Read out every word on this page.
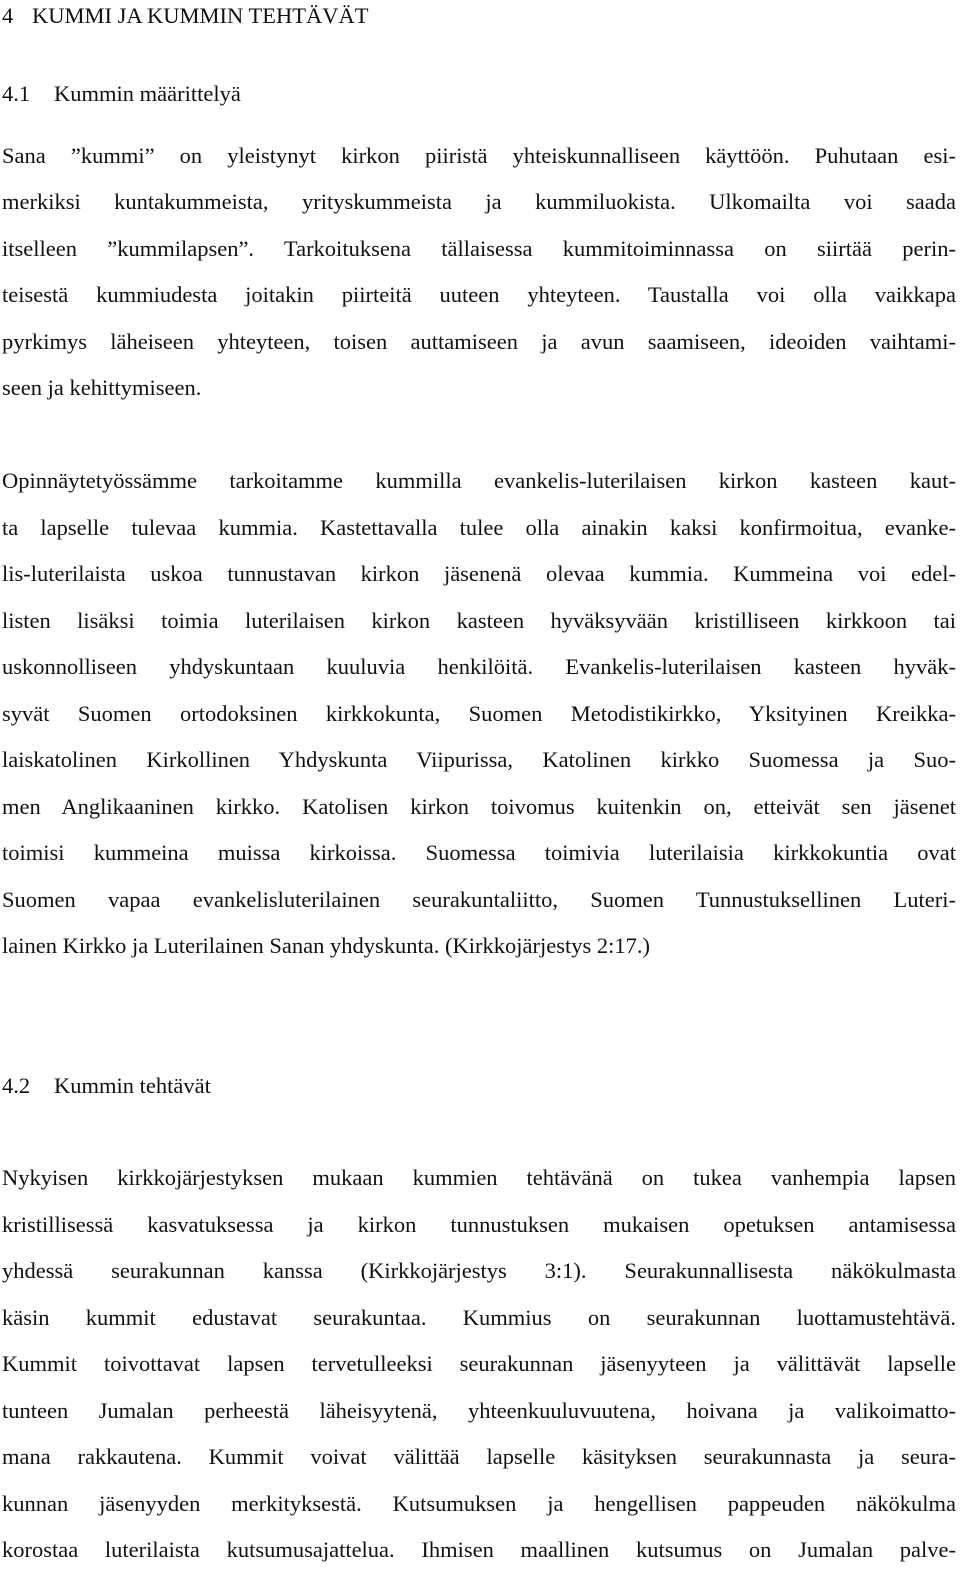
4 KUMMI JA KUMMIN TEHTÄVÄT
4.1 Kummin määrittelyä
Sana ”kummi” on yleistynyt kirkon piiristä yhteiskunnalliseen käyttöön. Puhutaan esi-
merkiksi kuntakummeista, yrityskummeista ja kummiluokista. Ulkomailta voi saada
itselleen ”kummilapsen”. Tarkoituksena tällaisessa kummitoiminnassa on siirtää perin-
teisestä kummiudesta joitakin piirteitä uuteen yhteyteen. Taustalla voi olla vaikkapa
pyrkimys läheiseen yhteyteen, toisen auttamiseen ja avun saamiseen, ideoiden vaihtami-
seen ja kehittymiseen.
Opinnäytetyössämme tarkoitamme kummilla evankelis-luterilaisen kirkon kasteen kaut-
ta lapselle tulevaa kummia. Kastettavalla tulee olla ainakin kaksi konfirmoitua, evanke-
lis-luterilaista uskoa tunnustavan kirkon jäsenenä olevaa kummia. Kummeina voi edel-
listen lisäksi toimia luterilaisen kirkon kasteen hyväksyvään kristilliseen kirkkoon tai
uskonnolliseen yhdyskuntaan kuuluvia henkilöitä. Evankelis-luterilaisen kasteen hyväk-
syvät Suomen ortodoksinen kirkkokunta, Suomen Metodistikirkko, Yksityinen Kreikka-
laiskatolinen Kirkollinen Yhdyskunta Viipurissa, Katolinen kirkko Suomessa ja Suo-
men Anglikaaninen kirkko. Katolisen kirkon toivomus kuitenkin on, etteivät sen jäsenet
toimisi kummeina muissa kirkoissa. Suomessa toimivia luterilaisia kirkkokuntia ovat
Suomen vapaa evankelisluterilainen seurakuntaliitto, Suomen Tunnustuksellinen Luteri-
lainen Kirkko ja Luterilainen Sanan yhdyskunta. (Kirkkojärjestys 2:17.)
4.2 Kummin tehtävät
Nykyisen kirkkojärjestyksen mukaan kummien tehtävänä on tukea vanhempia lapsen
kristillisessä kasvatuksessa ja kirkon tunnustuksen mukaisen opetuksen antamisessa
yhdessä seurakunnan kanssa (Kirkkojärjestys 3:1). Seurakunnallisesta näkökulmasta
käsin kummit edustavat seurakuntaa. Kummius on seurakunnan luottamustehtävä.
Kummit toivottavat lapsen tervetulleeksi seurakunnan jäsenyyteen ja välittävät lapselle
tunteen Jumalan perheestä läheisyytenä, yhteenkuuluvuutena, hoivana ja valikoimatto-
mana rakkautena. Kummit voivat välittää lapselle käsityksen seurakunnasta ja seura-
kunnan jäsenyyden merkityksestä. Kutsumuksen ja hengellisen pappeuden näkökulma
korostaa luterilaista kutsumusajattelua. Ihmisen maallinen kutsumus on Jumalan palve-
